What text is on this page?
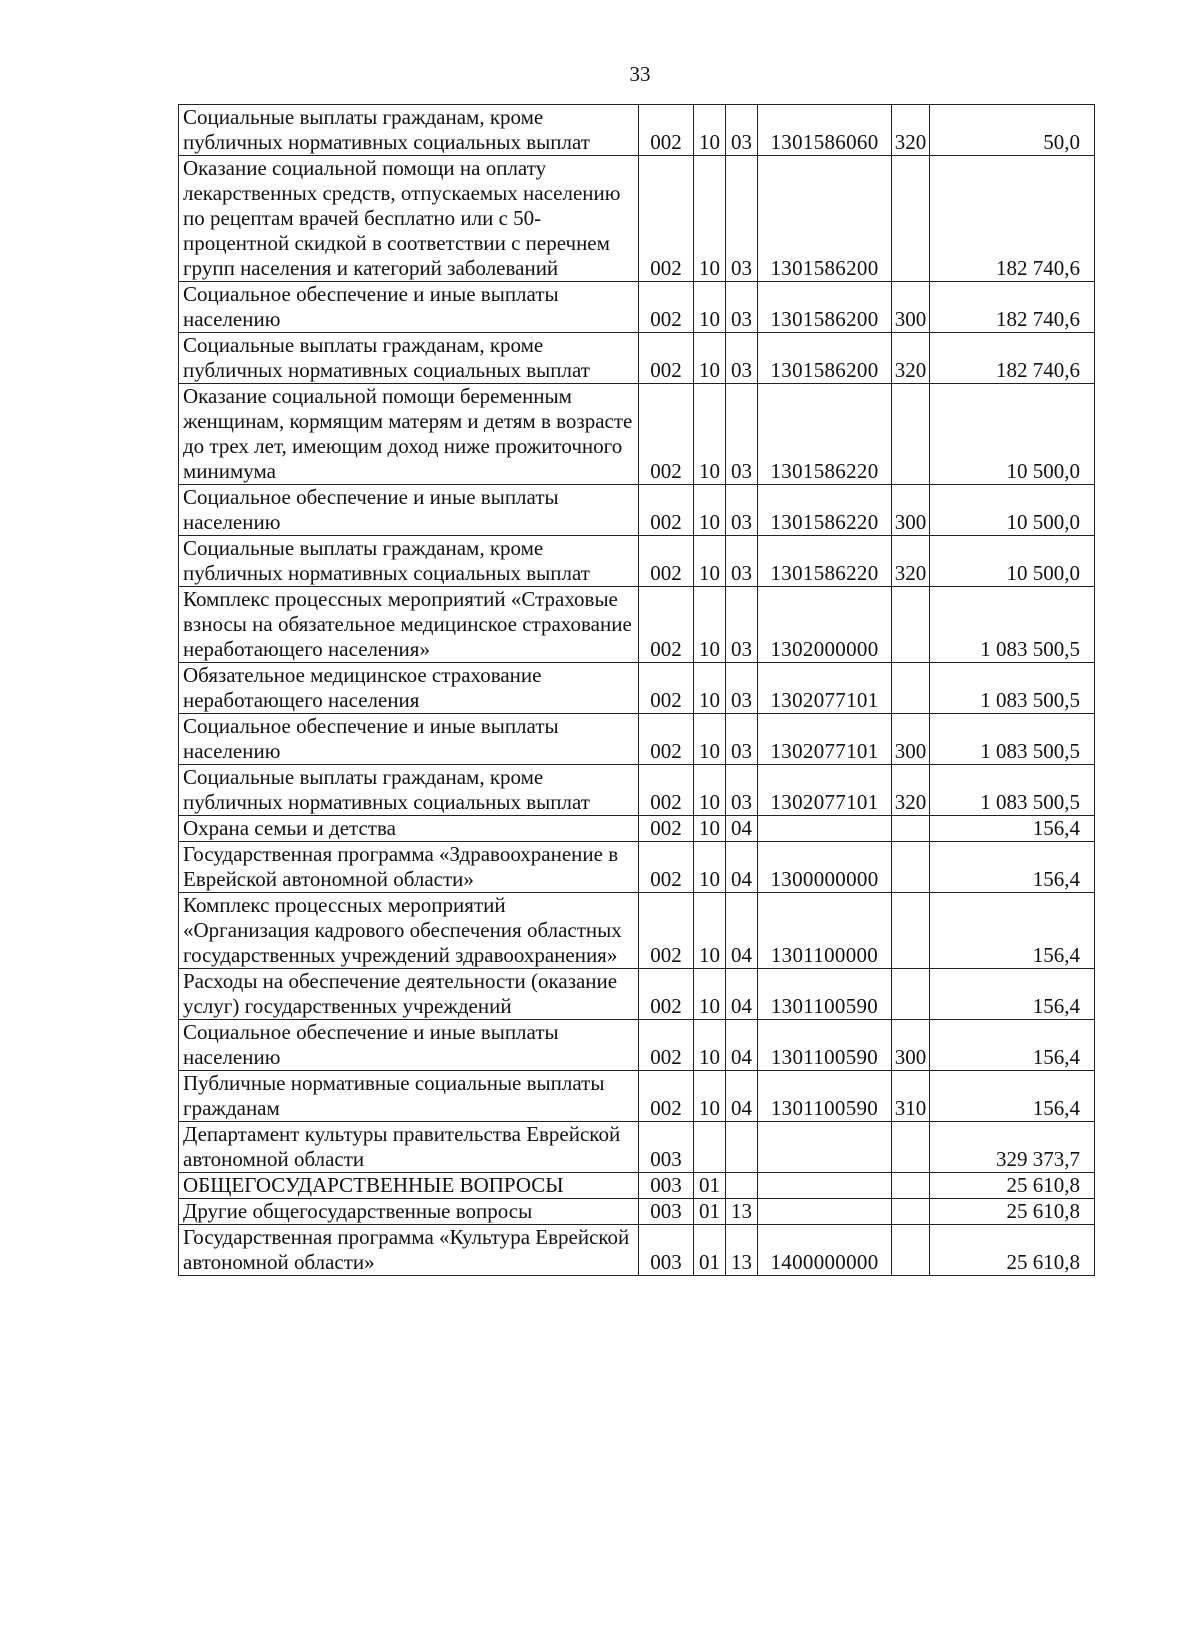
33
Социальные выплаты гражданам, кроме публичных нормативных социальных выплат	002	10	03	1301586060	320	50,0
Оказание социальной помощи на оплату лекарственных средств, отпускаемых населению по рецептам врачей бесплатно или с 50-процентной скидкой в соответствии с перечнем групп населения и категорий заболеваний	002	10	03	1301586200		182 740,6
Социальное обеспечение и иные выплаты населению	002	10	03	1301586200	300	182 740,6
Социальные выплаты гражданам, кроме публичных нормативных социальных выплат	002	10	03	1301586200	320	182 740,6
Оказание социальной помощи беременным женщинам, кормящим матерям и детям в возрасте до трех лет, имеющим доход ниже прожиточного минимума	002	10	03	1301586220		10 500,0
Социальное обеспечение и иные выплаты населению	002	10	03	1301586220	300	10 500,0
Социальные выплаты гражданам, кроме публичных нормативных социальных выплат	002	10	03	1301586220	320	10 500,0
Комплекс процессных мероприятий «Страховые взносы на обязательное медицинское страхование неработающего населения»	002	10	03	1302000000		1 083 500,5
Обязательное медицинское страхование неработающего населения	002	10	03	1302077101		1 083 500,5
Социальное обеспечение и иные выплаты населению	002	10	03	1302077101	300	1 083 500,5
Социальные выплаты гражданам, кроме публичных нормативных социальных выплат	002	10	03	1302077101	320	1 083 500,5
Охрана семьи и детства	002	10	04			156,4
Государственная программа «Здравоохранение в Еврейской автономной области»	002	10	04	1300000000		156,4
Комплекс процессных мероприятий «Организация кадрового обеспечения областных государственных учреждений здравоохранения»	002	10	04	1301100000		156,4
Расходы на обеспечение деятельности (оказание услуг) государственных учреждений	002	10	04	1301100590		156,4
Социальное обеспечение и иные выплаты населению	002	10	04	1301100590	300	156,4
Публичные нормативные социальные выплаты гражданам	002	10	04	1301100590	310	156,4
Департамент культуры правительства Еврейской автономной области	003					329 373,7
ОБЩЕГОСУДАРСТВЕННЫЕ ВОПРОСЫ	003	01				25 610,8
Другие общегосударственные вопросы	003	01	13			25 610,8
Государственная программа «Культура Еврейской автономной области»	003	01	13	1400000000		25 610,8
